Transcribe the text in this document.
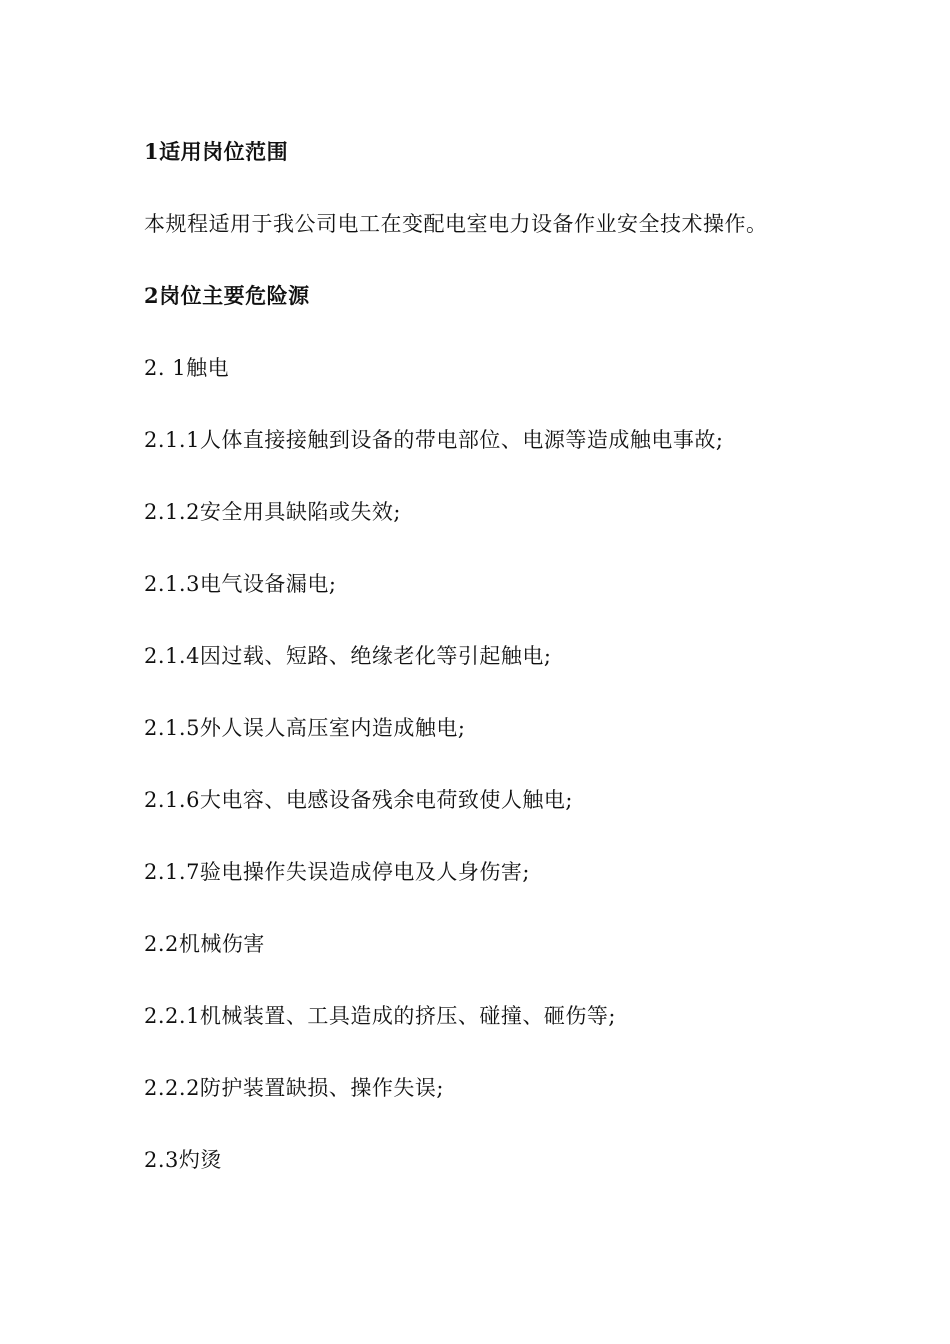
1适用岗位范围
本规程适用于我公司电工在变配电室电力设备作业安全技术操作。
2岗位主要危险源
2. 1触电
2.1.1人体直接接触到设备的带电部位、电源等造成触电事故;
2.1.2安全用具缺陷或失效;
2.1.3电气设备漏电;
2.1.4因过载、短路、绝缘老化等引起触电;
2.1.5外人误人高压室内造成触电;
2.1.6大电容、电感设备残余电荷致使人触电;
2.1.7验电操作失误造成停电及人身伤害;
2.2机械伤害
2.2.1机械装置、工具造成的挤压、碰撞、砸伤等;
2.2.2防护装置缺损、操作失误;
2.3灼烫
